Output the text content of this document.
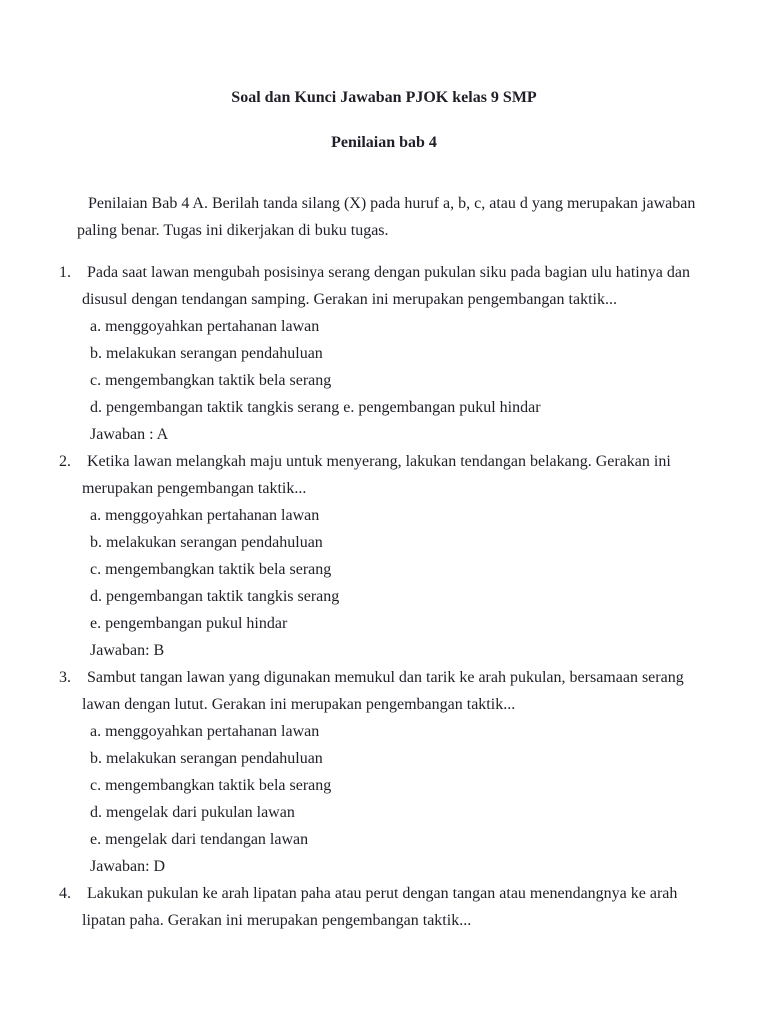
Soal dan Kunci Jawaban PJOK kelas 9 SMP
Penilaian bab 4
Penilaian Bab 4 A. Berilah tanda silang (X) pada huruf a, b, c, atau d yang merupakan jawaban
paling benar. Tugas ini dikerjakan di buku tugas.
1.	Pada saat lawan mengubah posisinya serang dengan pukulan siku pada bagian ulu hatinya dan
disusul dengan tendangan samping. Gerakan ini merupakan pengembangan taktik...
a. menggoyahkan pertahanan lawan
b. melakukan serangan pendahuluan
c. mengembangkan taktik bela serang
d. pengembangan taktik tangkis serang e. pengembangan pukul hindar
Jawaban : A
2.	Ketika lawan melangkah maju untuk menyerang, lakukan tendangan belakang. Gerakan ini
merupakan pengembangan taktik...
a. menggoyahkan pertahanan lawan
b. melakukan serangan pendahuluan
c. mengembangkan taktik bela serang
d. pengembangan taktik tangkis serang
e. pengembangan pukul hindar
Jawaban: B
3.	Sambut tangan lawan yang digunakan memukul dan tarik ke arah pukulan, bersamaan serang
lawan dengan lutut. Gerakan ini merupakan pengembangan taktik...
a. menggoyahkan pertahanan lawan
b. melakukan serangan pendahuluan
c. mengembangkan taktik bela serang
d. mengelak dari pukulan lawan
e. mengelak dari tendangan lawan
Jawaban: D
4.	Lakukan pukulan ke arah lipatan paha atau perut dengan tangan atau menendangnya ke arah
lipatan paha. Gerakan ini merupakan pengembangan taktik...
